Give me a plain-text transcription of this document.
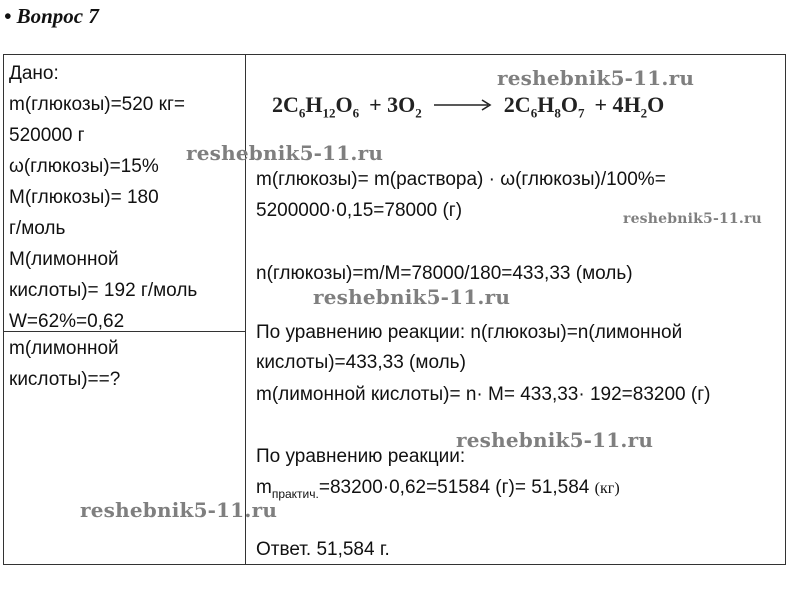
• Вопрос 7
Дано:
m(глюкозы)=520 кг=
520000 г
ω(глюкозы)=15%
M(глюкозы)= 180
г/моль
M(лимонной
кислоты)= 192 г/моль
W=62%=0,62
m(лимонной
кислоты)==?
$2C_6H_{12}O_6 + 3O_2 \to 2C_6H_8O_7 + 4H_2O$
m(глюкозы)= m(раствора) · ω(глюкозы)/100%=
5200000·0,15=78000 (г)
n(глюкозы)=m/M=78000/180=433,33 (моль)
По уравнению реакции: n(глюкозы)=n(лимонной
кислоты)=433,33 (моль)
m(лимонной кислоты)= n· M= 433,33· 192=83200 (г)
По уравнению реакции:
$m_{практич.}=83200\cdot 0,62=51584$ (г)= 51,584 (кг)
Ответ. 51,584 г.
reshebnik5-11.ru
reshebnik5-11.ru
reshebnik5-11.ru
reshebnik5-11.ru
reshebnik5-11.ru
reshebnik5-11.ru
